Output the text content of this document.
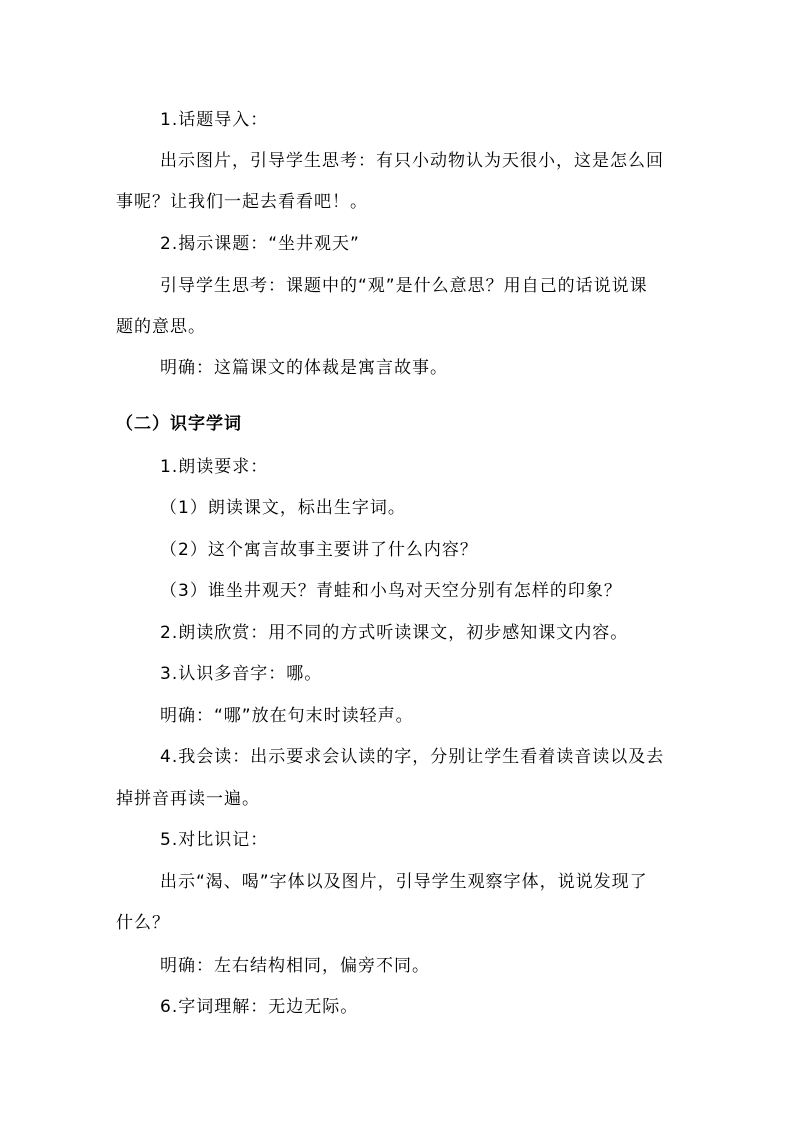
1.话题导入：
出示图片，引导学生思考：有只小动物认为天很小，这是怎么回
事呢？让我们一起去看看吧！。
2.揭示课题：“坐井观天”
引导学生思考：课题中的“观”是什么意思？用自己的话说说课
题的意思。
明确：这篇课文的体裁是寓言故事。
（二）识字学词
1.朗读要求：
（1）朗读课文，标出生字词。
（2）这个寓言故事主要讲了什么内容？
（3）谁坐井观天？青蛙和小鸟对天空分别有怎样的印象？
2.朗读欣赏：用不同的方式听读课文，初步感知课文内容。
3.认识多音字：哪。
明确：“哪”放在句末时读轻声。
4.我会读：出示要求会认读的字，分别让学生看着读音读以及去
掉拼音再读一遍。
5.对比识记：
出示“渴、喝”字体以及图片，引导学生观察字体，说说发现了
什么？
明确：左右结构相同，偏旁不同。
6.字词理解：无边无际。
